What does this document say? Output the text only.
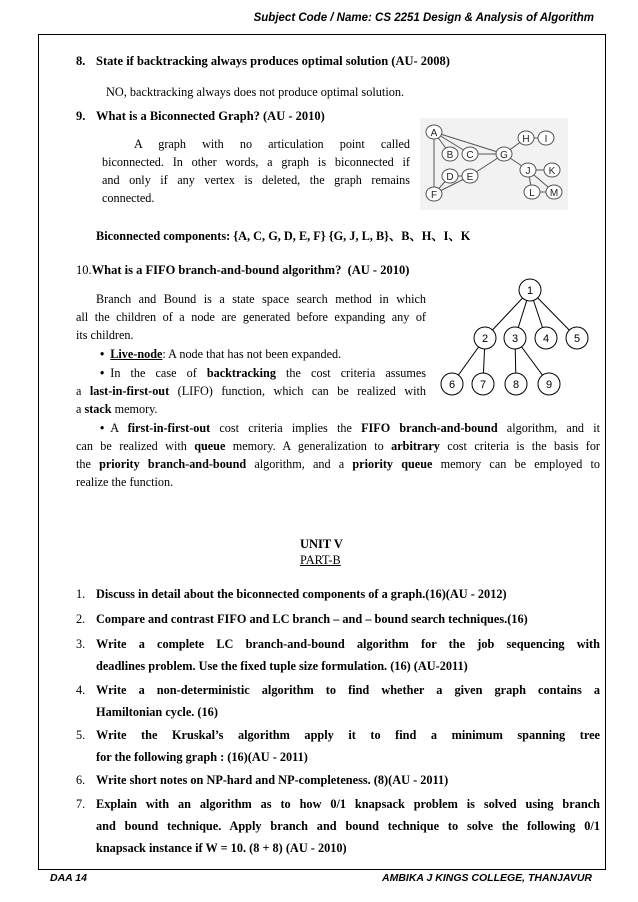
Subject Code / Name: CS 2251 Design & Analysis of Algorithm
8. State if backtracking always produces optimal solution (AU- 2008)
NO, backtracking always does not produce optimal solution.
9. What is a Biconnected Graph? (AU - 2010)
A graph with no articulation point called
biconnected. In other words, a graph is biconnected if
and only if any vertex is deleted, the graph remains
connected.
A
B C	G
D E
F
H I
J K
L M
Biconnected components: {A, C, G, D, E, F} {G, J, L, B}、B、H、I、K
10.What is a FIFO branch-and-bound algorithm? (AU - 2010)
Branch and Bound is a state space search method in which
all the children of a node are generated before expanding any of
its children.
• Live-node: A node that has not been expanded.
• In the case of backtracking the cost criteria assumes
a last-in-first-out (LIFO) function, which can be realized with
a stack memory.
• A first-in-first-out cost criteria implies the FIFO branch-and-bound algorithm, and it
can be realized with queue memory. A generalization to arbitrary cost criteria is the basis for
the priority branch-and-bound algorithm, and a priority queue memory can be employed to
realize the function.
1
2 3 4 5
6 7 8 9
UNIT V
PART-B
1. Discuss in detail about the biconnected components of a graph.(16)(AU - 2012)
2. Compare and contrast FIFO and LC branch – and – bound search techniques.(16)
3. Write a complete LC branch-and-bound algorithm for the job sequencing with
deadlines problem. Use the fixed tuple size formulation. (16) (AU-2011)
4. Write a non-deterministic algorithm to find whether a given graph contains a
Hamiltonian cycle. (16)
5. Write the Kruskal’s algorithm apply it to find a minimum spanning tree
for the following graph : (16)(AU - 2011)
6. Write short notes on NP-hard and NP-completeness. (8)(AU - 2011)
7. Explain with an algorithm as to how 0/1 knapsack problem is solved using branch
and bound technique. Apply branch and bound technique to solve the following 0/1
knapsack instance if W = 10. (8 + 8) (AU - 2010)
DAA 14	AMBIKA J KINGS COLLEGE, THANJAVUR
